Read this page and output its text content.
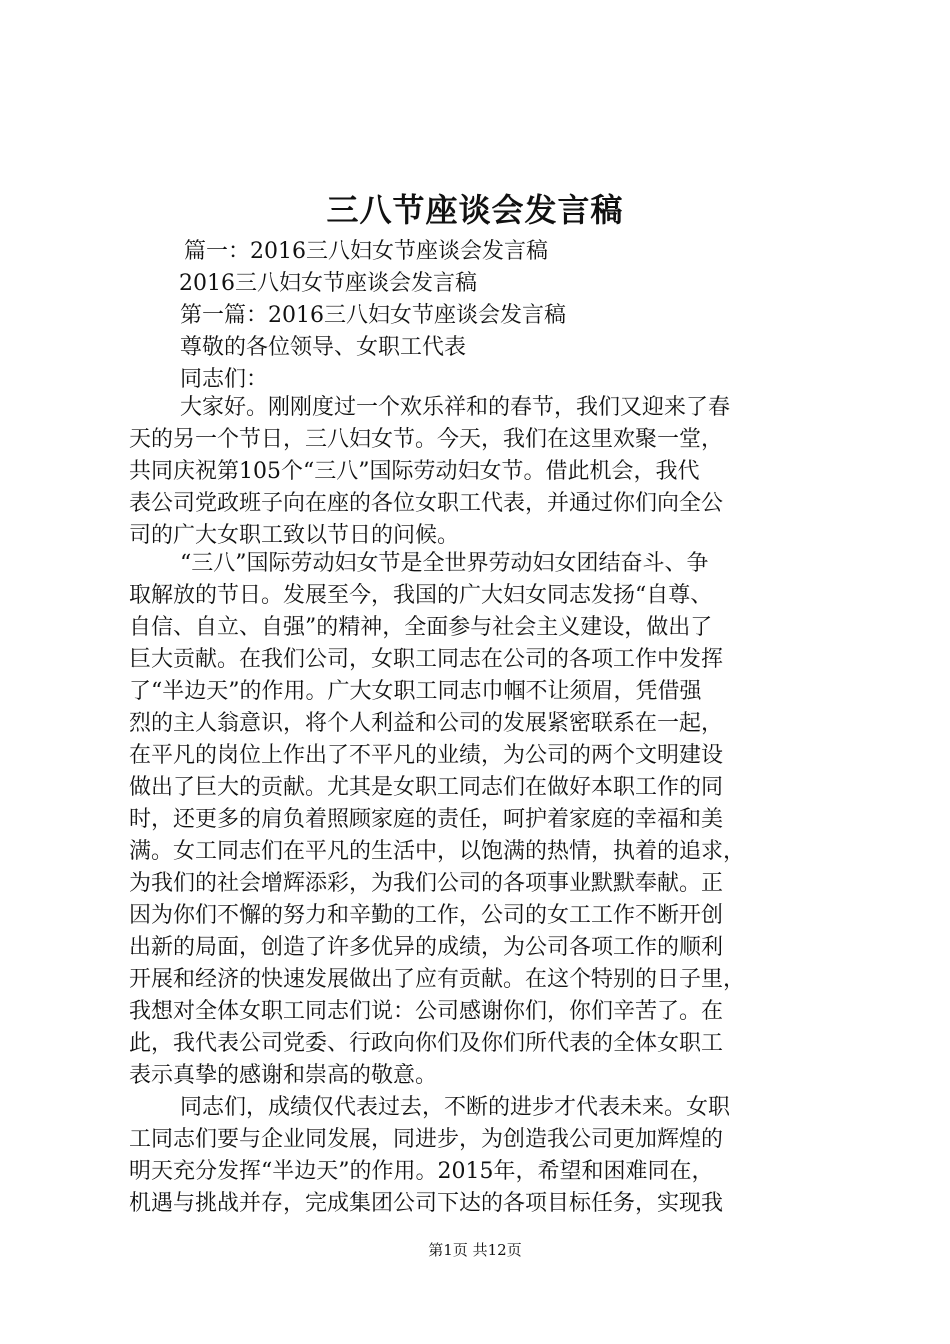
三八节座谈会发言稿
篇一：2016三八妇女节座谈会发言稿
2016三八妇女节座谈会发言稿
第一篇：2016三八妇女节座谈会发言稿
尊敬的各位领导、女职工代表
同志们：
大家好。刚刚度过一个欢乐祥和的春节，我们又迎来了春
天的另一个节日，三八妇女节。今天，我们在这里欢聚一堂，
共同庆祝第105个“三八”国际劳动妇女节。借此机会，我代
表公司党政班子向在座的各位女职工代表，并通过你们向全公
司的广大女职工致以节日的问候。
“三八”国际劳动妇女节是全世界劳动妇女团结奋斗、争
取解放的节日。发展至今，我国的广大妇女同志发扬“自尊、
自信、自立、自强”的精神，全面参与社会主义建设，做出了
巨大贡献。在我们公司，女职工同志在公司的各项工作中发挥
了“半边天”的作用。广大女职工同志巾帼不让须眉，凭借强
烈的主人翁意识，将个人利益和公司的发展紧密联系在一起，
在平凡的岗位上作出了不平凡的业绩，为公司的两个文明建设
做出了巨大的贡献。尤其是女职工同志们在做好本职工作的同
时，还更多的肩负着照顾家庭的责任，呵护着家庭的幸福和美
满。女工同志们在平凡的生活中，以饱满的热情，执着的追求，
为我们的社会增辉添彩，为我们公司的各项事业默默奉献。正
因为你们不懈的努力和辛勤的工作，公司的女工工作不断开创
出新的局面，创造了许多优异的成绩，为公司各项工作的顺利
开展和经济的快速发展做出了应有贡献。在这个特别的日子里，
我想对全体女职工同志们说：公司感谢你们，你们辛苦了。在
此，我代表公司党委、行政向你们及你们所代表的全体女职工
表示真挚的感谢和崇高的敬意。
同志们，成绩仅代表过去，不断的进步才代表未来。女职
工同志们要与企业同发展，同进步，为创造我公司更加辉煌的
明天充分发挥“半边天”的作用。2015年，希望和困难同在，
机遇与挑战并存，完成集团公司下达的各项目标任务，实现我
第1页 共12页
